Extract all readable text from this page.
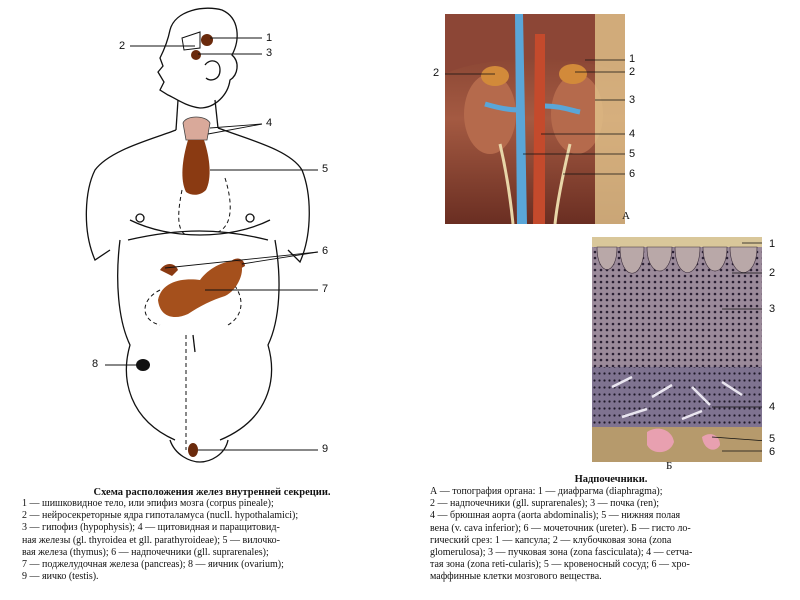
1
2
3
4
5
6
7
8
9
Схема расположения желез внутренней секреции.
1 — шишковидное тело, или эпифиз мозга (corpus pineale);
2 — нейросекреторные ядра гипоталамуса (nucll. hypothalamici);
3 — гипофиз (hypophysis); 4 — щитовидная и паращитовид-
ная железы (gl. thyroidea et gll. parathyroideae); 5 — вилочко-
вая железа (thymus); 6 — надпочечники (gll. suprarenales);
7 — поджелудочная железа (pancreas); 8 — яичник (ovarium);
9 — яичко (testis).
1
2	2
3
4
5
6
А
1
2
3
4
5
6
Б
Надпочечники.
А — топография органа: 1 — диафрагма (diaphragma);
2 — надпочечники (gll. suprarenales); 3 — почка (ren);
4 — брюшная аорта (aorta abdominalis); 5 — нижняя полая
вена (v. cava inferior); 6 — мочеточник (ureter). Б — гисто ло-
гический срез: 1 — капсула; 2 — клубочковая зона (zona
glomerulosa); 3 — пучковая зона (zona fasciculata); 4 — сетча-
тая зона (zona reti-cularis); 5 — кровеносный сосуд; 6 — хро-
маффинные клетки мозгового вещества.
